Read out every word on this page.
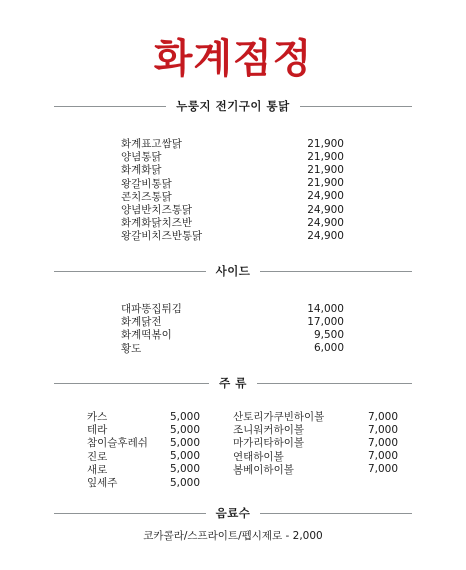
화계점정
누룽지 전기구이 통닭
화계표고쌈닭	21,900
양념통닭	21,900
화계화닭	21,900
왕갈비통닭	21,900
콘치즈통닭	24,900
양념반치즈통닭	24,900
화계화닭치즈반	24,900
왕갈비치즈반통닭	24,900
사이드
대파똥집튀김	14,000
화계닭전	17,000
화계떡볶이	9,500
황도	6,000
주 류
카스	5,000
테라	5,000
참이슬후레쉬 5,000
진로	5,000
새로	5,000
잎세주	5,000
산토리가쿠빈하이볼	7,000
조니워커하이볼	7,000
마가리타하이볼	7,000
연태하이볼	7,000
봄베이하이볼	7,000
음료수
코카콜라/스프라이트/펩시제로 - 2,000
